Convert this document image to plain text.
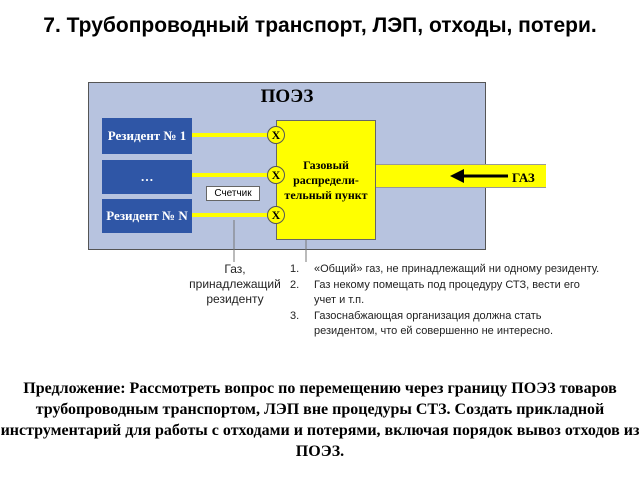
7. Трубопроводный транспорт, ЛЭП, отходы, потери.
ПОЭЗ
Резидент № 1
…
Резидент № N
Счетчик
Газовый распредели-тельный пункт
X
X
X
ГАЗ
Газ, принадлежащий резиденту
1. «Общий» газ, не принадлежащий ни одному резиденту.
2. Газ некому помещать под процедуру СТЗ, вести его учет и т.п.
3. Газоснабжающая организация должна стать резидентом, что ей совершенно не интересно.
Предложение: Рассмотреть вопрос по перемещению через границу ПОЭЗ товаров трубопроводным транспортом, ЛЭП вне процедуры СТЗ. Создать прикладной инструментарий для работы с отходами и потерями, включая порядок вывоз отходов из ПОЭЗ.
